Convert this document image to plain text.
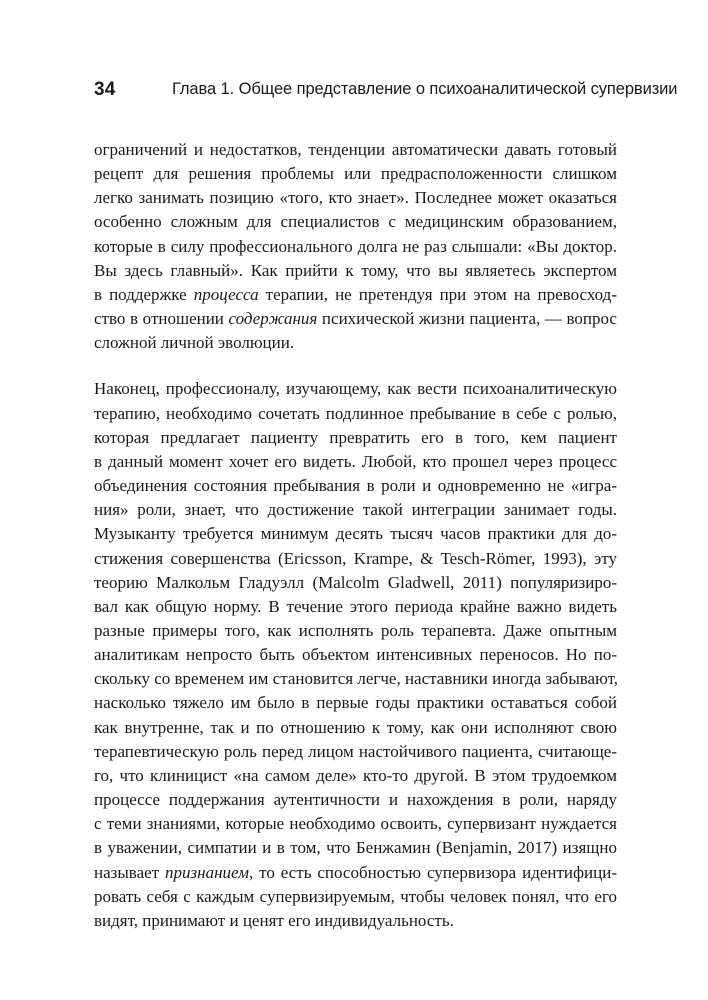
34	Глава 1. Общее представление о психоаналитической супервизии
ограничений и недостатков, тенденции автоматически давать готовый
рецепт для решения проблемы или предрасположенности слишком
легко занимать позицию «того, кто знает». Последнее может оказаться
особенно сложным для специалистов с медицинским образованием,
которые в силу профессионального долга не раз слышали: «Вы доктор.
Вы здесь главный». Как прийти к тому, что вы являетесь экспертом
в поддержке процесса терапии, не претендуя при этом на превосход-
ство в отношении содержания психической жизни пациента, — вопрос
сложной личной эволюции.
Наконец, профессионалу, изучающему, как вести психоаналитическую
терапию, необходимо сочетать подлинное пребывание в себе с ролью,
которая предлагает пациенту превратить его в того, кем пациент
в данный момент хочет его видеть. Любой, кто прошел через процесс
объединения состояния пребывания в роли и одновременно не «игра-
ния» роли, знает, что достижение такой интеграции занимает годы.
Музыканту требуется минимум десять тысяч часов практики для до-
стижения совершенства (Ericsson, Krampe, & Tesch-Römer, 1993), эту
теорию Малкольм Гладуэлл (Malcolm Gladwell, 2011) популяризиро-
вал как общую норму. В течение этого периода крайне важно видеть
разные примеры того, как исполнять роль терапевта. Даже опытным
аналитикам непросто быть объектом интенсивных переносов. Но по-
скольку со временем им становится легче, наставники иногда забывают,
насколько тяжело им было в первые годы практики оставаться собой
как внутренне, так и по отношению к тому, как они исполняют свою
терапевтическую роль перед лицом настойчивого пациента, считающе-
го, что клиницист «на самом деле» кто-то другой. В этом трудоемком
процессе поддержания аутентичности и нахождения в роли, наряду
с теми знаниями, которые необходимо освоить, супервизант нуждается
в уважении, симпатии и в том, что Бенжамин (Benjamin, 2017) изящно
называет признанием, то есть способностью супервизора идентифици-
ровать себя с каждым супервизируемым, чтобы человек понял, что его
видят, принимают и ценят его индивидуальность.
